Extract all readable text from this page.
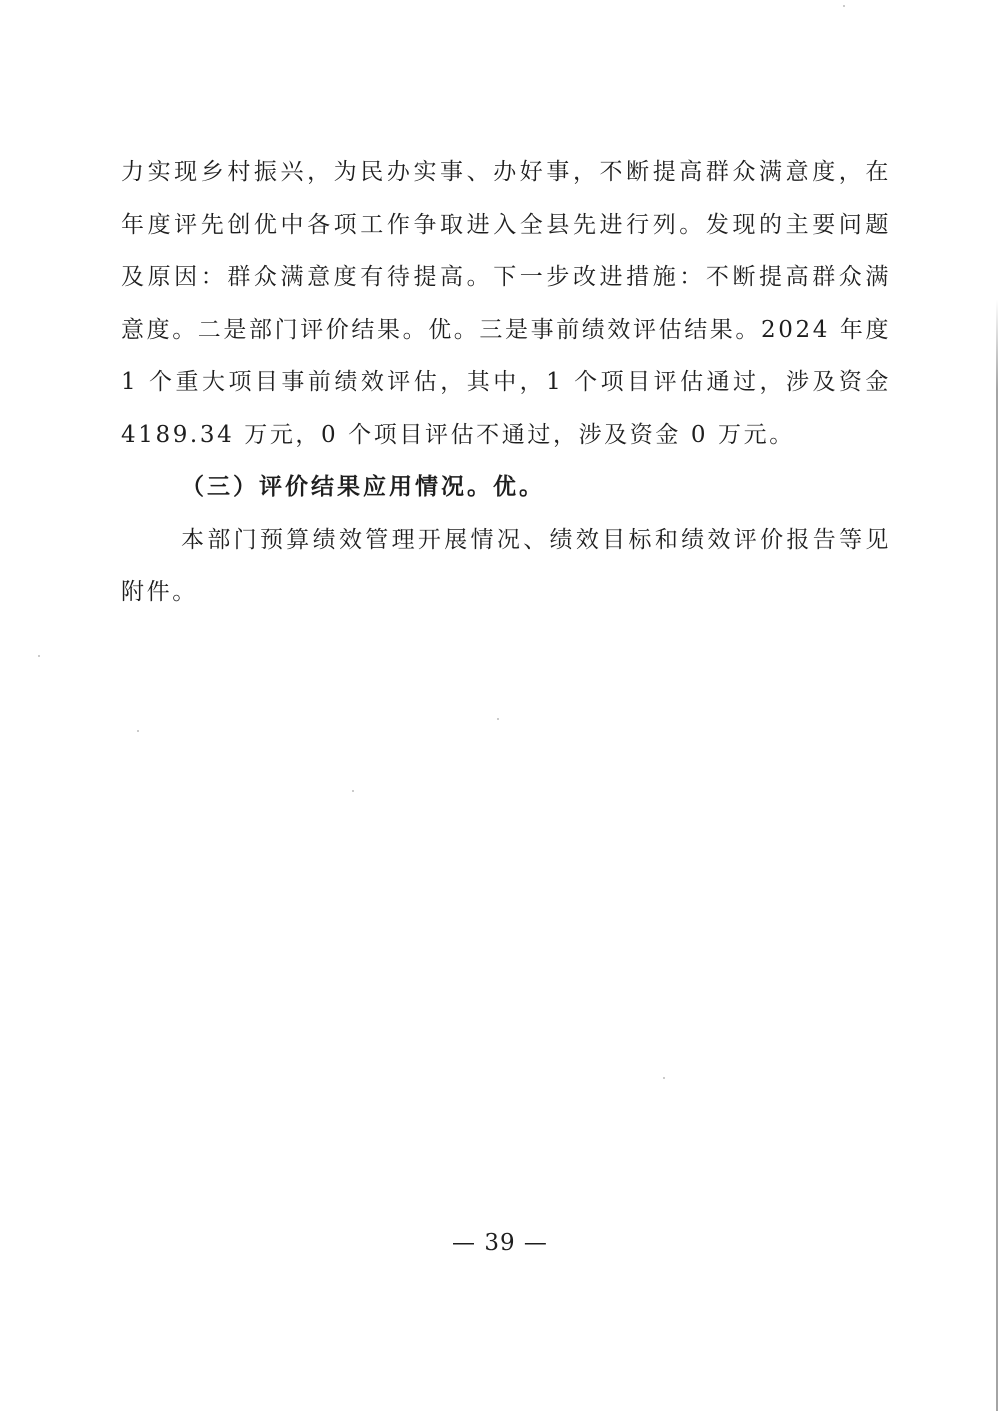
力实现乡村振兴，为民办实事、办好事，不断提高群众满意度，在
年度评先创优中各项工作争取进入全县先进行列。发现的主要问题
及原因：群众满意度有待提高。下一步改进措施：不断提高群众满
意度。二是部门评价结果。优。三是事前绩效评估结果。2024 年度
1 个重大项目事前绩效评估，其中，1 个项目评估通过，涉及资金
4189.34 万元，0 个项目评估不通过，涉及资金 0 万元。
（三）评价结果应用情况。优。
本部门预算绩效管理开展情况、绩效目标和绩效评价报告等见
附件。
— 39 —
